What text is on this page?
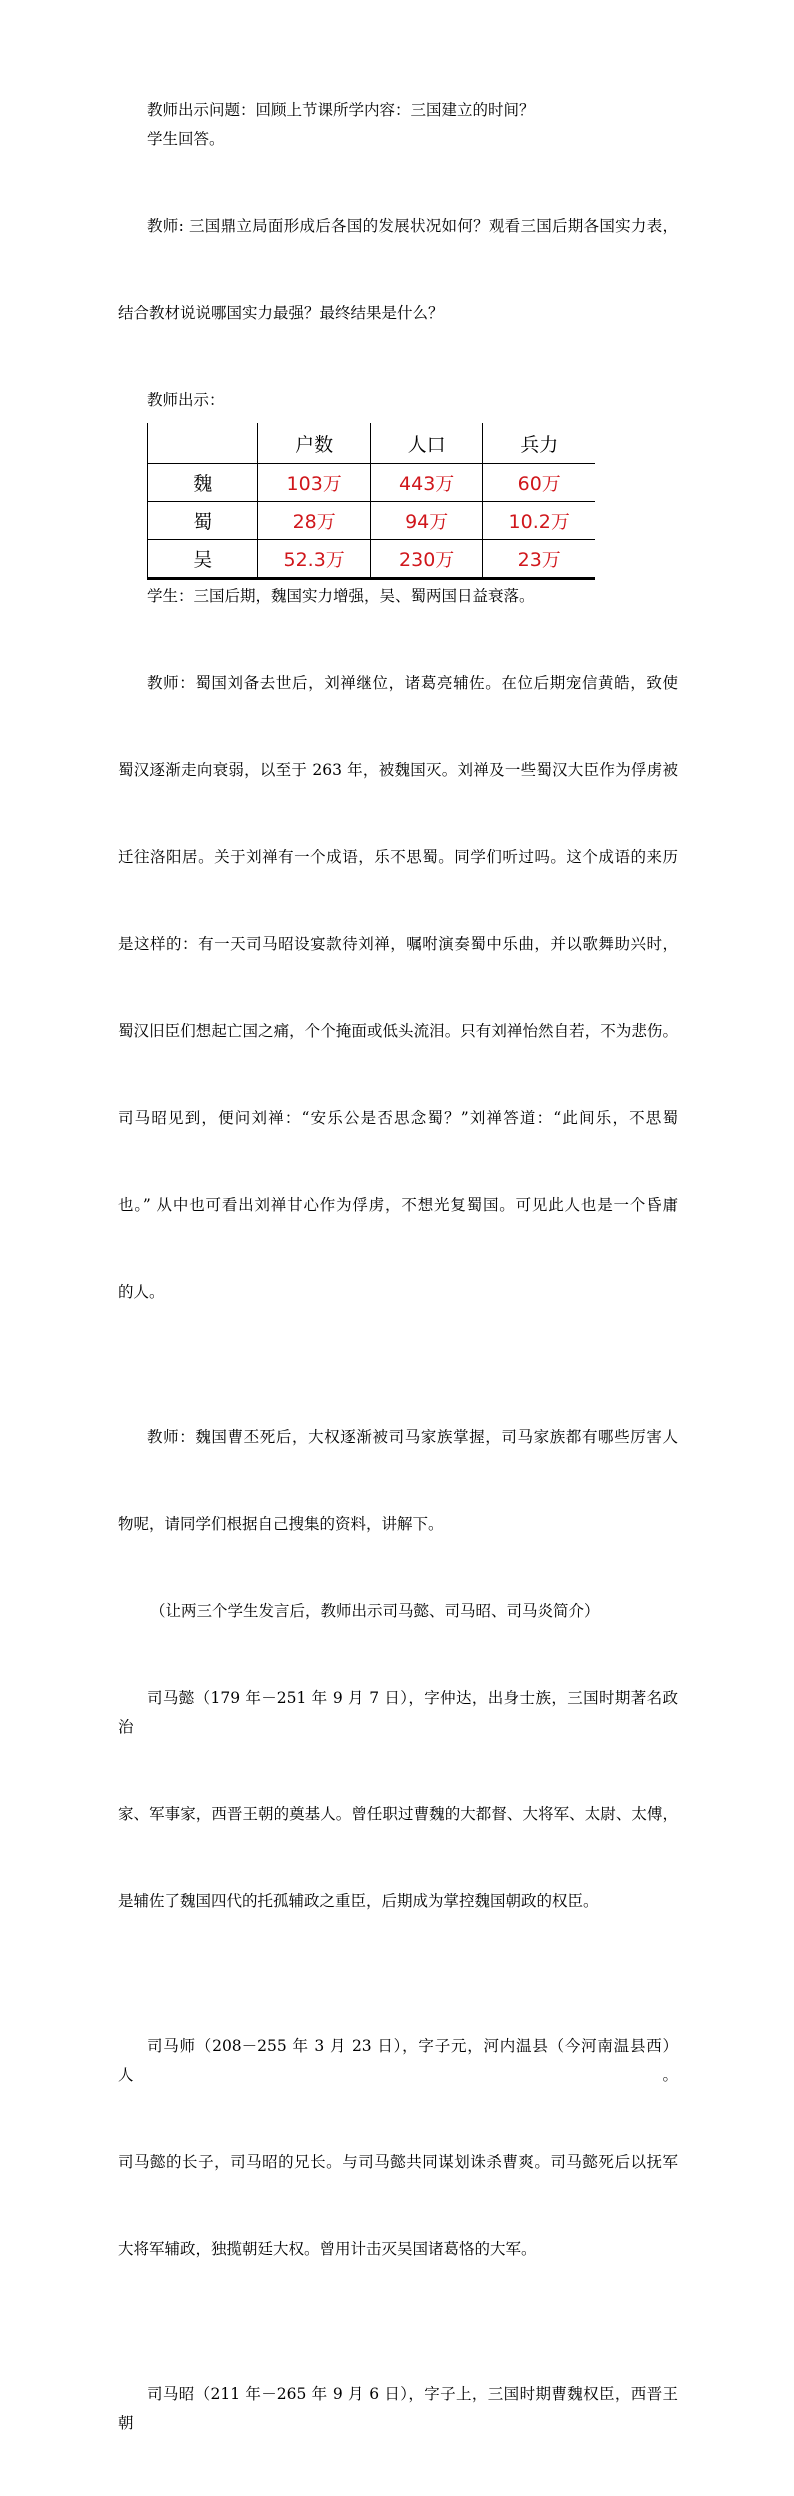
教师出示问题：回顾上节课所学内容：三国建立的时间？

学生回答。

教师: 三国鼎立局面形成后各国的发展状况如何？观看三国后期各国实力表，

结合教材说说哪国实力最强？最终结果是什么？

教师出示：

	户数	人口	兵力
魏	103万	443万	60万
蜀	28万	94万	10.2万
吴	52.3万	230万	23万

学生：三国后期，魏国实力增强，吴、蜀两国日益衰落。

教师：蜀国刘备去世后，刘禅继位，诸葛亮辅佐。在位后期宠信黄皓，致使

蜀汉逐渐走向衰弱，以至于 263 年，被魏国灭。刘禅及一些蜀汉大臣作为俘虏被

迁往洛阳居。关于刘禅有一个成语，乐不思蜀。同学们听过吗。这个成语的来历

是这样的：有一天司马昭设宴款待刘禅，嘱咐演奏蜀中乐曲，并以歌舞助兴时，

蜀汉旧臣们想起亡国之痛，个个掩面或低头流泪。只有刘禅怡然自若，不为悲伤。

司马昭见到，便问刘禅：“安乐公是否思念蜀？”刘禅答道：“此间乐，不思蜀

也。” 从中也可看出刘禅甘心作为俘虏，不想光复蜀国。可见此人也是一个昏庸

的人。

教师：魏国曹丕死后，大权逐渐被司马家族掌握，司马家族都有哪些厉害人

物呢，请同学们根据自己搜集的资料，讲解下。

（让两三个学生发言后，教师出示司马懿、司马昭、司马炎简介）

司马懿（179 年－251 年 9 月 7 日），字仲达，出身士族，三国时期著名政治

家、军事家，西晋王朝的奠基人。曾任职过曹魏的大都督、大将军、太尉、太傅，

是辅佐了魏国四代的托孤辅政之重臣，后期成为掌控魏国朝政的权臣。

司马师（208－255 年 3 月 23 日），字子元，河内温县（今河南温县西）人。

司马懿的长子，司马昭的兄长。与司马懿共同谋划诛杀曹爽。司马懿死后以抚军

大将军辅政，独揽朝廷大权。曾用计击灭吴国诸葛恪的大军。

司马昭（211 年－265 年 9 月 6 日），字子上，三国时期曹魏权臣，西晋王朝
